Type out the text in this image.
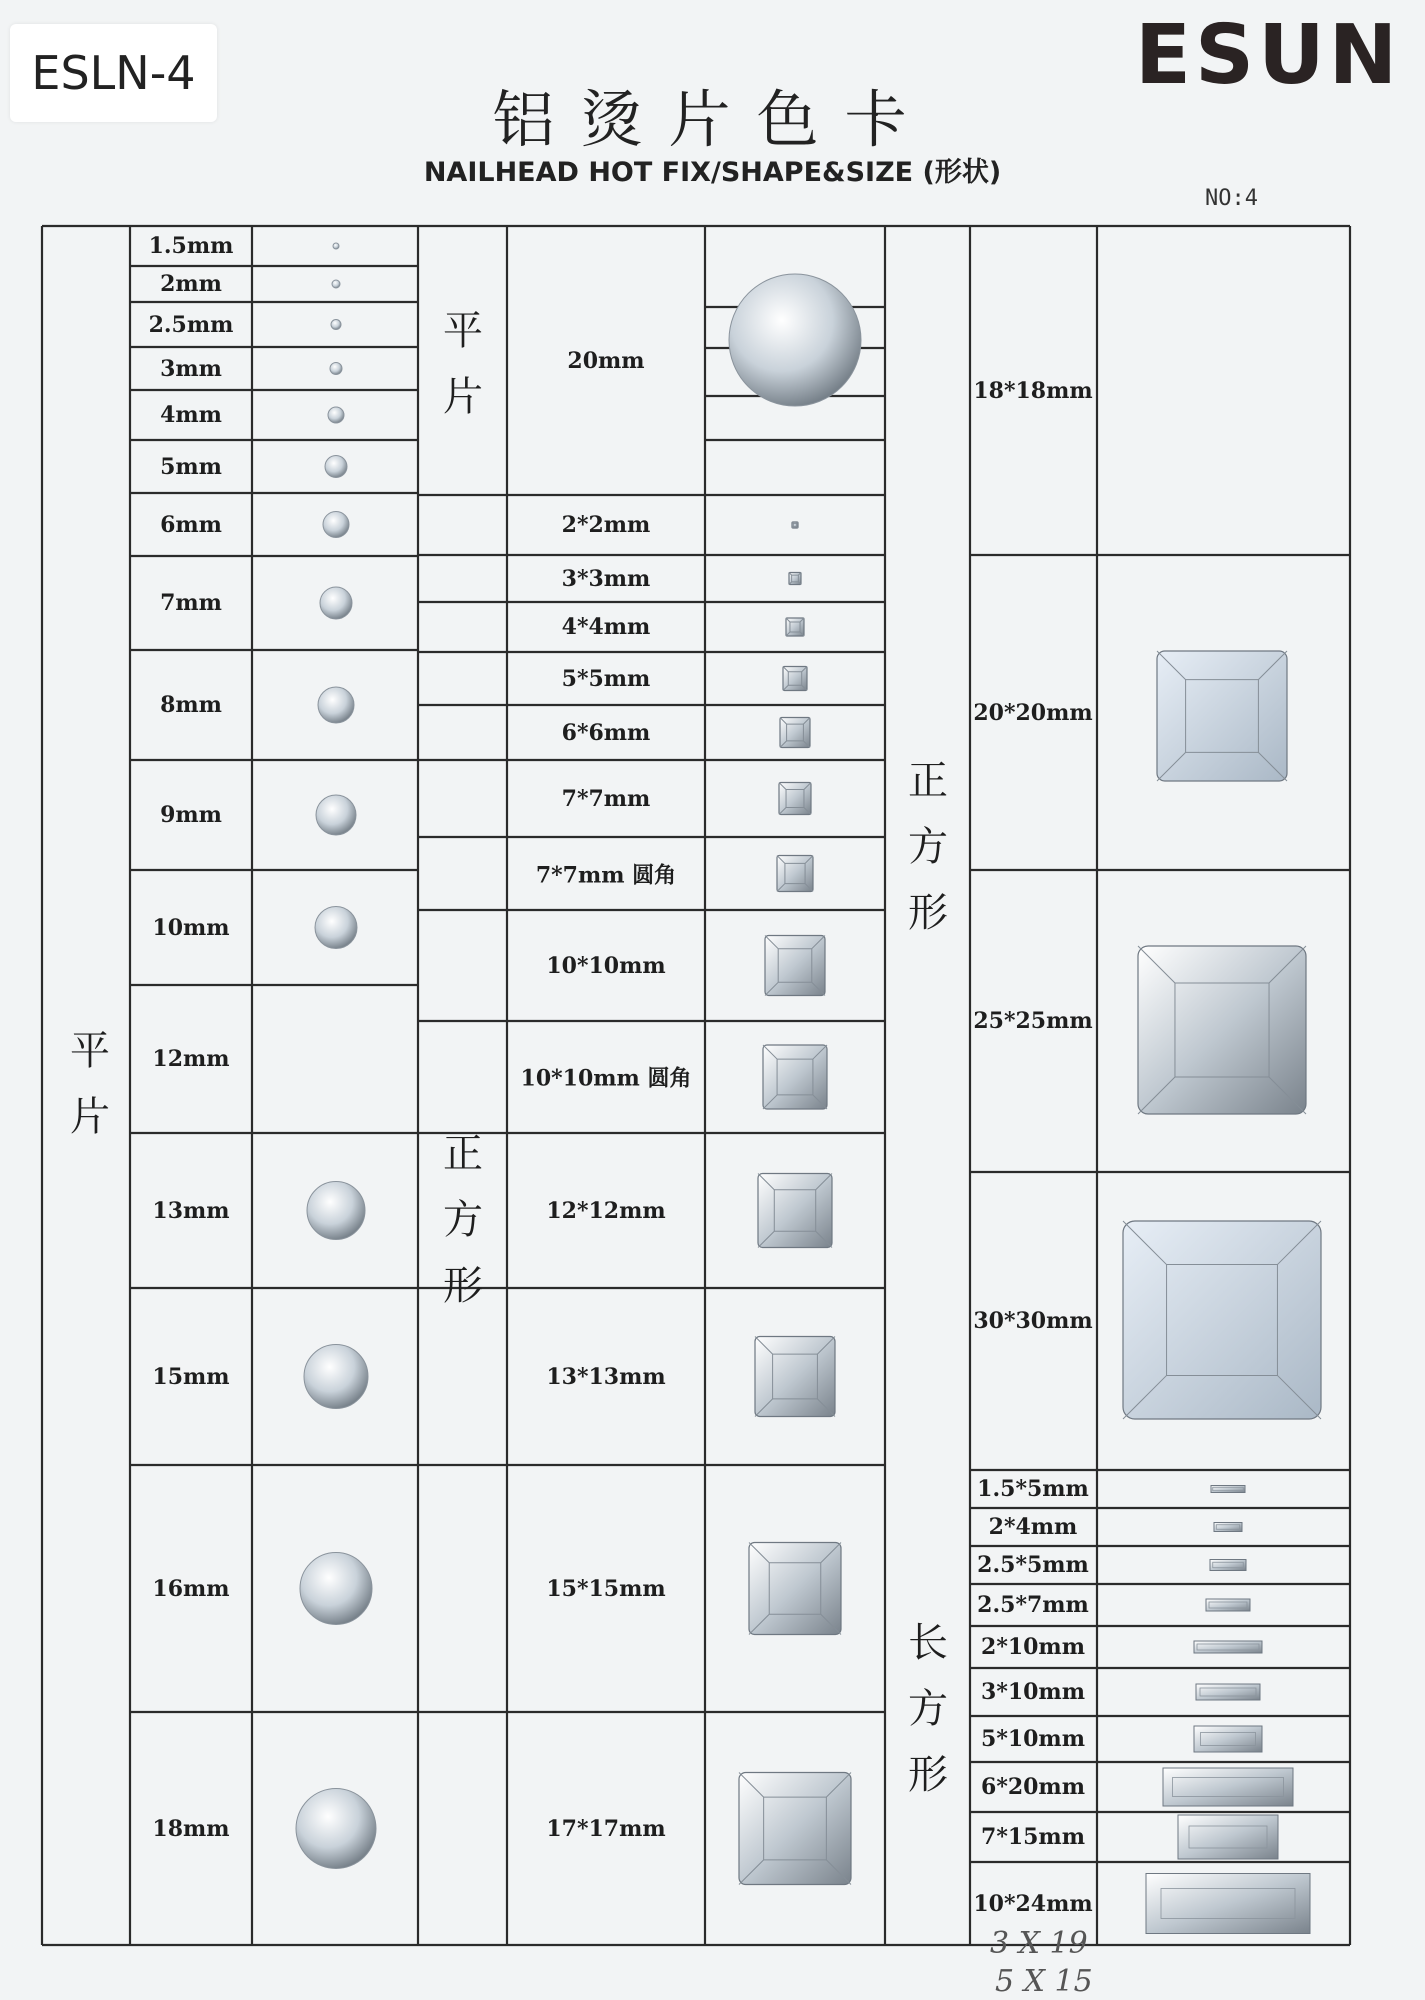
ESLN-4	ESUN
铝烫片色卡
NAILHEAD HOT FIX/SHAPE&SIZE (形状)
NO:4
1.5mm
2mm
2.5mm
3mm
4mm
5mm
6mm
7mm
8mm
9mm
10mm
12mm
13mm
15mm
16mm
18mm
20mm
2*2mm
3*3mm
4*4mm
5*5mm
6*6mm
7*7mm
7*7mm 圆角
10*10mm
10*10mm 圆角
12*12mm
13*13mm
15*15mm
17*17mm
18*18mm
20*20mm
25*25mm
30*30mm
1.5*5mm
2*4mm
2.5*5mm
2.5*7mm
2*10mm
3*10mm
5*10mm
6*20mm
7*15mm
10*24mm
平片
平片
正方形
正方形
长方形
3 X 19
5 X 15
